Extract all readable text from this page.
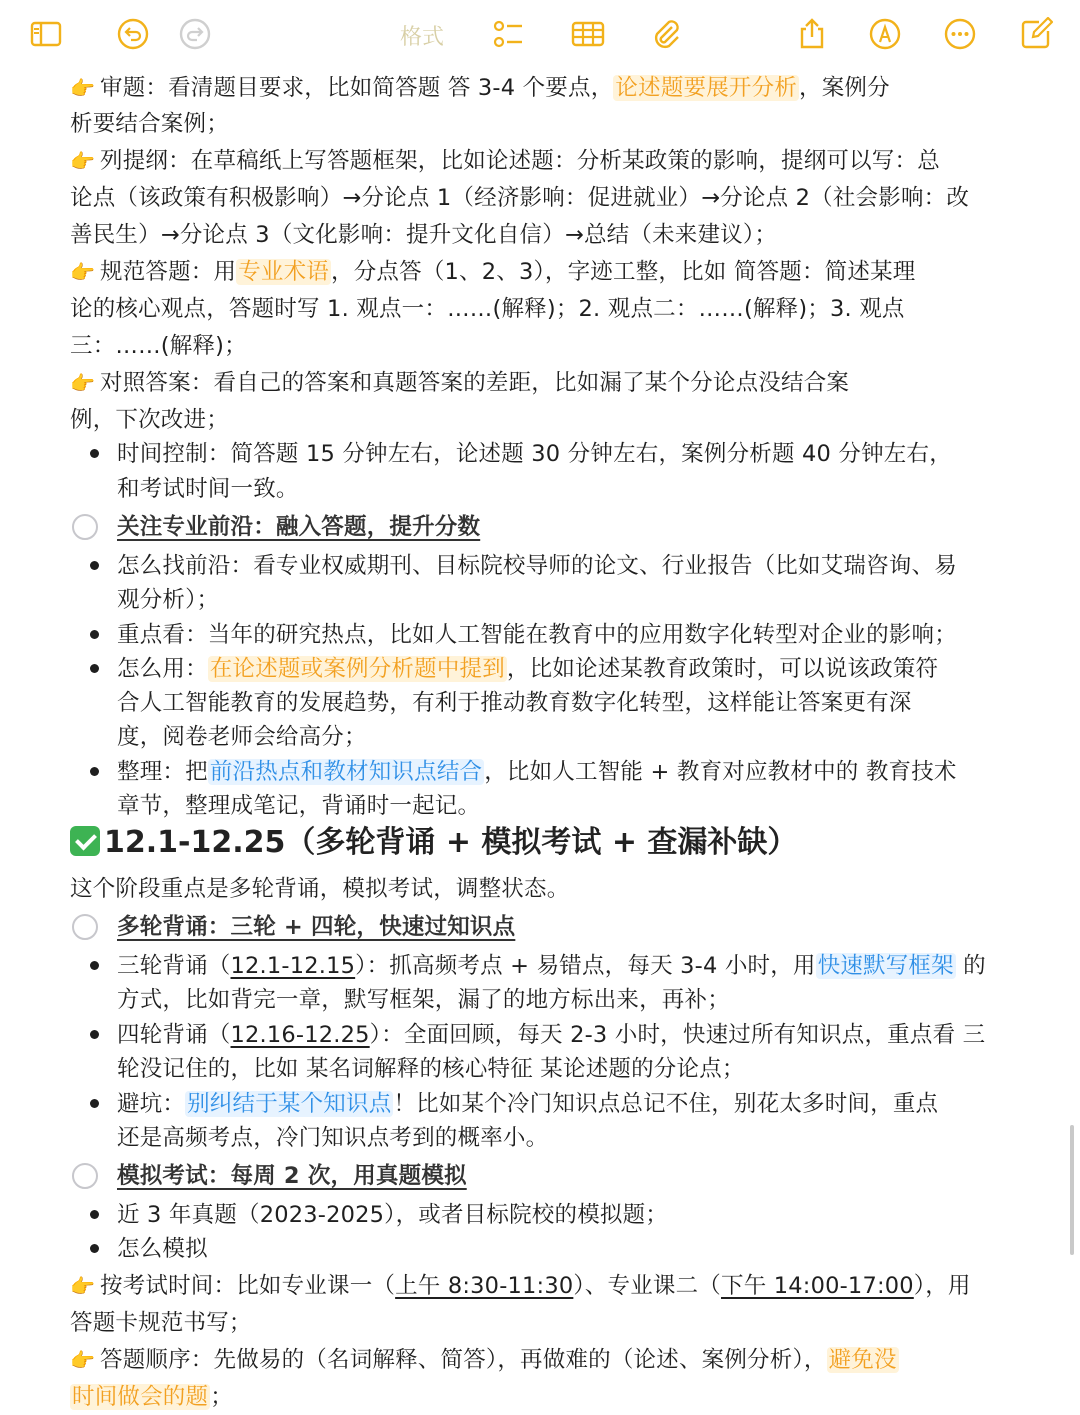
格式
👉 审题：看清题目要求，比如简答题 答 3-4 个要点，论述题要展开分析，案例分
析要结合案例；
👉 列提纲：在草稿纸上写答题框架，比如论述题：分析某政策的影响，提纲可以写：总
论点（该政策有积极影响）→分论点 1（经济影响：促进就业）→分论点 2（社会影响：改
善民生）→分论点 3（文化影响：提升文化自信）→总结（未来建议）；
👉 规范答题：用专业术语，分点答（1、2、3），字迹工整，比如 简答题：简述某理
论的核心观点，答题时写 1. 观点一：……(解释)；2. 观点二：……(解释)；3. 观点
三：……(解释)；
👉 对照答案：看自己的答案和真题答案的差距，比如漏了某个分论点没结合案
例，下次改进；
时间控制：简答题 15 分钟左右，论述题 30 分钟左右，案例分析题 40 分钟左右，
和考试时间一致。
关注专业前沿：融入答题，提升分数
怎么找前沿：看专业权威期刊、目标院校导师的论文、行业报告（比如艾瑞咨询、易
观分析）；
重点看：当年的研究热点，比如人工智能在教育中的应用数字化转型对企业的影响；
怎么用：在论述题或案例分析题中提到，比如论述某教育政策时，可以说该政策符
合人工智能教育的发展趋势，有利于推动教育数字化转型，这样能让答案更有深
度，阅卷老师会给高分；
整理：把前沿热点和教材知识点结合，比如人工智能 + 教育对应教材中的 教育技术
章节，整理成笔记，背诵时一起记。
12.1-12.25（多轮背诵 + 模拟考试 + 查漏补缺）
这个阶段重点是多轮背诵，模拟考试，调整状态。
多轮背诵：三轮 + 四轮，快速过知识点
三轮背诵（12.1-12.15）：抓高频考点 + 易错点，每天 3-4 小时，用快速默写框架 的
方式，比如背完一章，默写框架，漏了的地方标出来，再补；
四轮背诵（12.16-12.25）：全面回顾，每天 2-3 小时，快速过所有知识点，重点看 三
轮没记住的，比如 某名词解释的核心特征 某论述题的分论点；
避坑：别纠结于某个知识点！比如某个冷门知识点总记不住，别花太多时间，重点
还是高频考点，冷门知识点考到的概率小。
模拟考试：每周 2 次，用真题模拟
近 3 年真题（2023-2025），或者目标院校的模拟题；
怎么模拟
👉 按考试时间：比如专业课一（上午 8:30-11:30）、专业课二（下午 14:00-17:00），用
答题卡规范书写；
👉 答题顺序：先做易的（名词解释、简答），再做难的（论述、案例分析），避免没
时间做会的题；
